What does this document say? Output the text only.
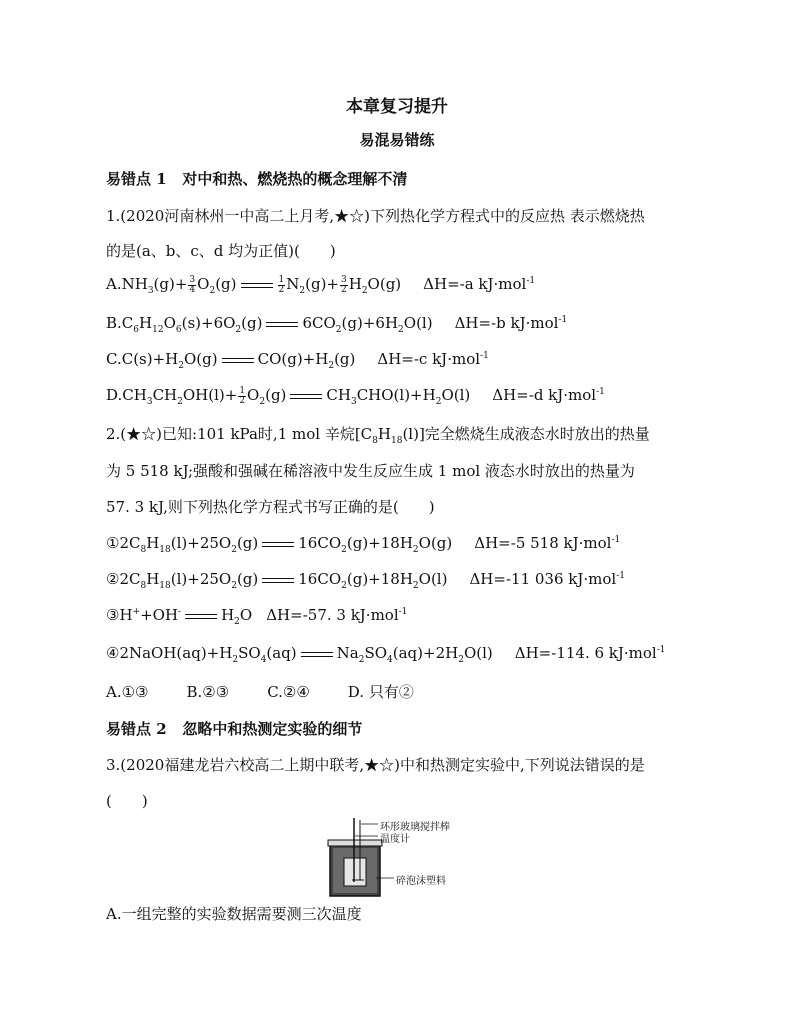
本章复习提升
易混易错练
易错点 1 对中和热、燃烧热的概念理解不清
1.(2020河南林州一中高二上月考,★☆)下列热化学方程式中的反应热 表示燃烧热
的是(a、b、c、d 均为正值)(　　)
$A.NH_3(g)+ \frac{3}{4} O_2(g)$	$\frac{1}{2} N_2(g)+ \frac{3}{2} H_2O(g)$ ΔH=-a kJ·mol$^{-1}$
$B.C_6H_{12}O_6(s)+6O_2(g)$	$6CO_2(g)+6H_2O(l)$ ΔH=-b kJ·mol$^{-1}$
$C.C(s)+H_2O(g)$	$CO(g)+H_2(g)$ ΔH=-c kJ·mol$^{-1}$
$D.CH_3CH_2OH(l)+ \frac{1}{2} O_2(g)$	$CH_3CHO(l)+H_2O(l)$ ΔH=-d kJ·mol$^{-1}$
2.(★☆)已知:101 kPa时,1 mol 辛烷$[C_8H_{18}(l)]$完全燃烧生成液态水时放出的热量
为 5 518 kJ;强酸和强碱在稀溶液中发生反应生成 1 mol 液态水时放出的热量为
57. 3 kJ,则下列热化学方程式书写正确的是(　　)
$①2C_8H_{18}(l)+25O_2(g)$	$16CO_2(g)+18H_2O(g)$ ΔH=-5 518 kJ·mol$^{-1}$
$②2C_8H_{18}(l)+25O_2(g)$	$16CO_2(g)+18H_2O(l)$ ΔH=-11 036 kJ·mol$^{-1}$
③H++OH-	$H_2O$ ΔH=-57. 3 kJ·mol$^{-1}$
$④2NaOH(aq)+H_2SO_4(aq)$	$Na_2SO_4(aq)+2H_2O(l)$ ΔH=-114. 6 kJ·mol$^{-1}$
A.①③	B.②③	C.②④	D. 只有②
易错点 2 忽略中和热测定实验的细节
3.(2020福建龙岩六校高二上期中联考,★☆)中和热测定实验中,下列说法错误的是
(　　)
环形玻璃搅拌棒
温度计
碎泡沫塑料
A.一组完整的实验数据需要测三次温度
